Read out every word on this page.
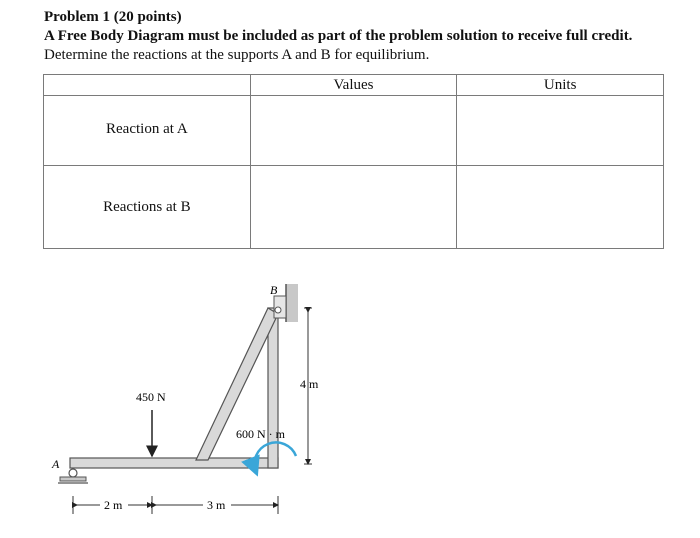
Problem 1 (20 points)

A Free Body Diagram must be included as part of the problem solution to receive full credit.

Determine the reactions at the supports A and B for equilibrium.

	Values	Units

Reaction at A		

Reactions at B		

B
A
450 N
600 N · m
4 m
2 m	3 m
